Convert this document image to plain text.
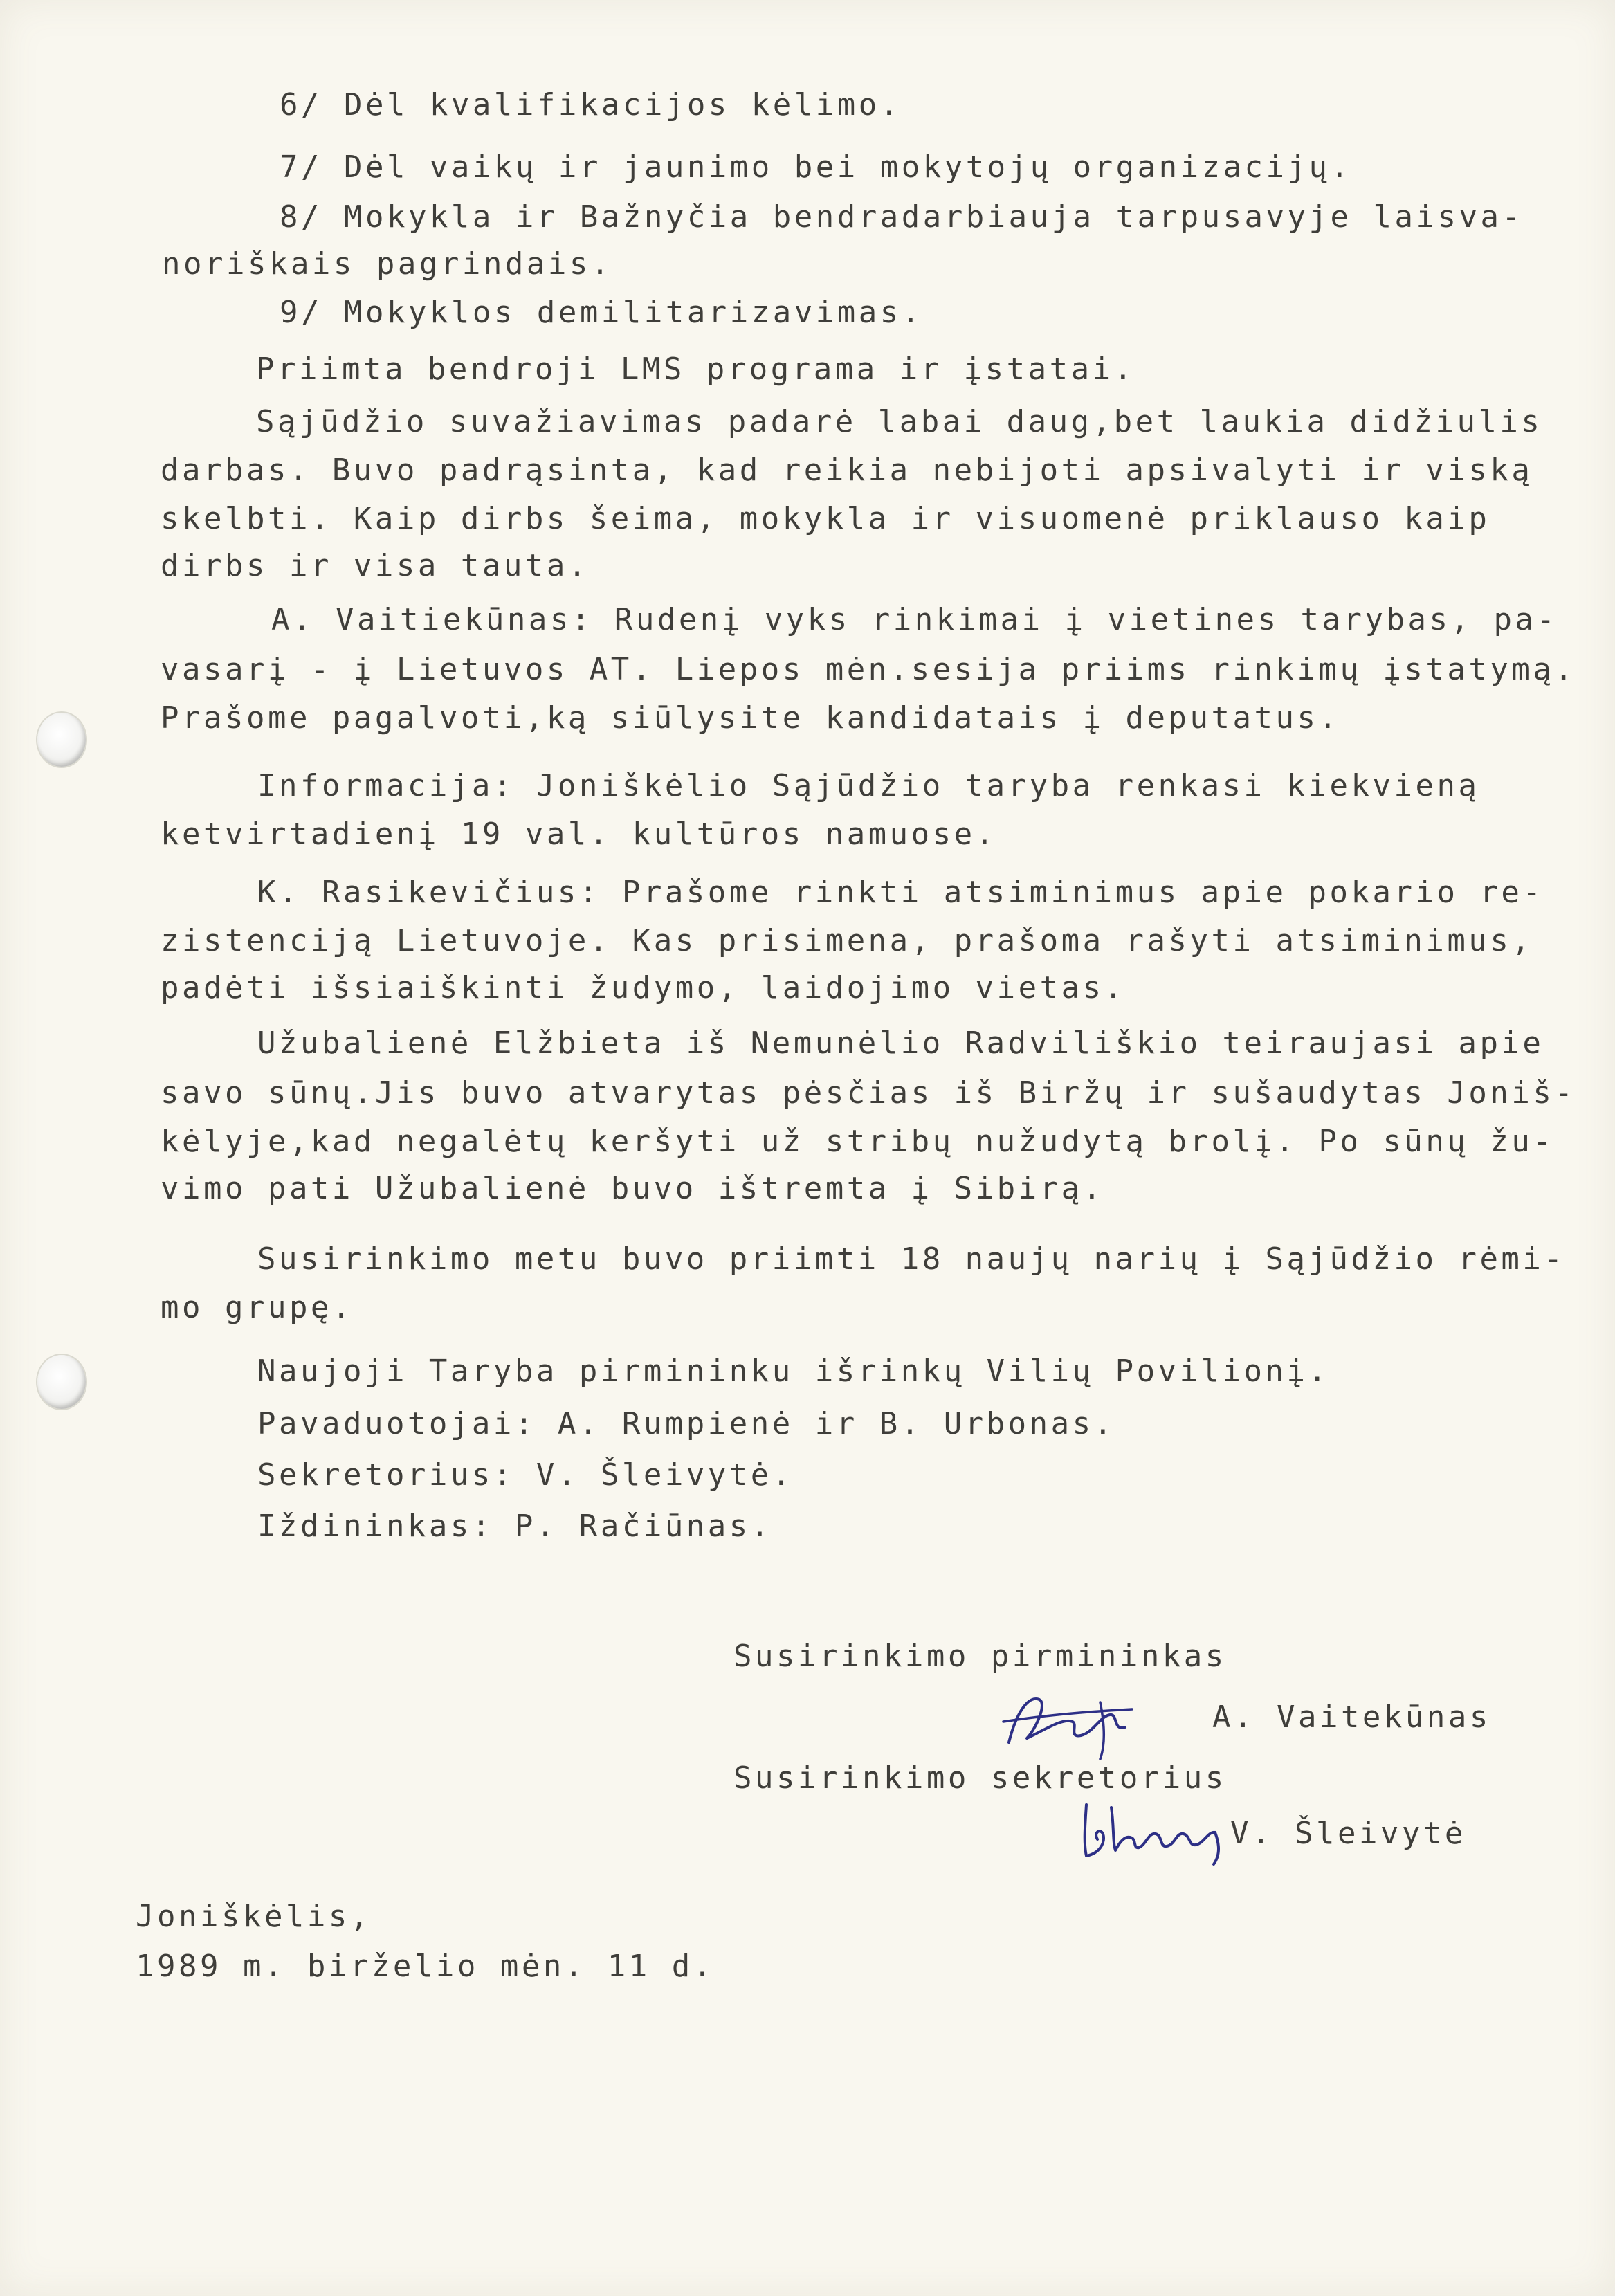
6/ Dėl kvalifikacijos kėlimo.
7/ Dėl vaikų ir jaunimo bei mokytojų organizacijų.
8/ Mokykla ir Bažnyčia bendradarbiauja tarpusavyje laisva-
noriškais pagrindais.
9/ Mokyklos demilitarizavimas.
Priimta bendroji LMS programa ir įstatai.
Sąjūdžio suvažiavimas padarė labai daug,bet laukia didžiulis
darbas. Buvo padrąsinta, kad reikia nebijoti apsivalyti ir viską
skelbti. Kaip dirbs šeima, mokykla ir visuomenė priklauso kaip
dirbs ir visa tauta.
A. Vaitiekūnas: Rudenį vyks rinkimai į vietines tarybas, pa-
vasarį - į Lietuvos AT. Liepos mėn.sesija priims rinkimų įstatymą.
Prašome pagalvoti,ką siūlysite kandidatais į deputatus.
Informacija: Joniškėlio Sąjūdžio taryba renkasi kiekvieną
ketvirtadienį 19 val. kultūros namuose.
K. Rasikevičius: Prašome rinkti atsiminimus apie pokario re-
zistenciją Lietuvoje. Kas prisimena, prašoma rašyti atsiminimus,
padėti išsiaiškinti žudymo, laidojimo vietas.
Užubalienė Elžbieta iš Nemunėlio Radviliškio teiraujasi apie
savo sūnų.Jis buvo atvarytas pėsčias iš Biržų ir sušaudytas Joniš-
kėlyje,kad negalėtų keršyti už stribų nužudytą brolį. Po sūnų žu-
vimo pati Užubalienė buvo ištremta į Sibirą.
Susirinkimo metu buvo priimti 18 naujų narių į Sąjūdžio rėmi-
mo grupę.
Naujoji Taryba pirmininku išrinkų Vilių Povilionį.
Pavaduotojai: A. Rumpienė ir B. Urbonas.
Sekretorius: V. Šleivytė.
Iždininkas: P. Račiūnas.
Susirinkimo pirmininkas
A. Vaitekūnas
Susirinkimo sekretorius
V. Šleivytė
Joniškėlis,
1989 m. birželio mėn. 11 d.
